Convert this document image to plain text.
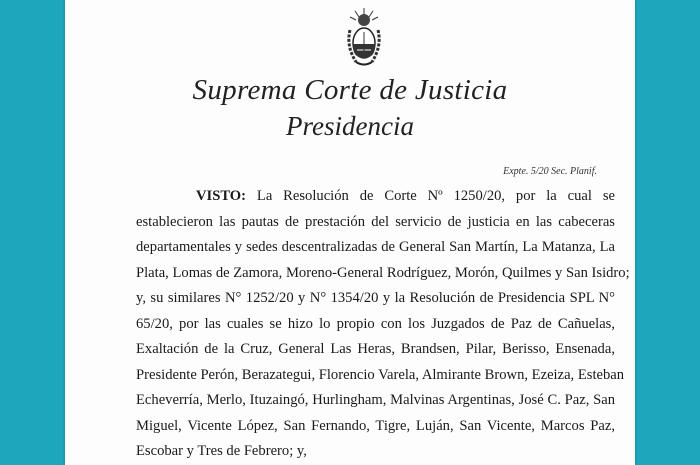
Suprema Corte de Justicia
Presidencia
Expte. 5/20 Sec. Planif.
VISTO: La Resolución de Corte Nº 1250/20, por la cual se
establecieron las pautas de prestación del servicio de justicia en las cabeceras
departamentales y sedes descentralizadas de General San Martín, La Matanza, La
Plata, Lomas de Zamora, Moreno-General Rodríguez, Morón, Quilmes y San Isidro;
y, su similares N° 1252/20 y N° 1354/20 y la Resolución de Presidencia SPL N°
65/20, por las cuales se hizo lo propio con los Juzgados de Paz de Cañuelas,
Exaltación de la Cruz, General Las Heras, Brandsen, Pilar, Berisso, Ensenada,
Presidente Perón, Berazategui, Florencio Varela, Almirante Brown, Ezeiza, Esteban
Echeverría, Merlo, Ituzaingó, Hurlingham, Malvinas Argentinas, José C. Paz, San
Miguel, Vicente López, San Fernando, Tigre, Luján, San Vicente, Marcos Paz,
Escobar y Tres de Febrero; y,
